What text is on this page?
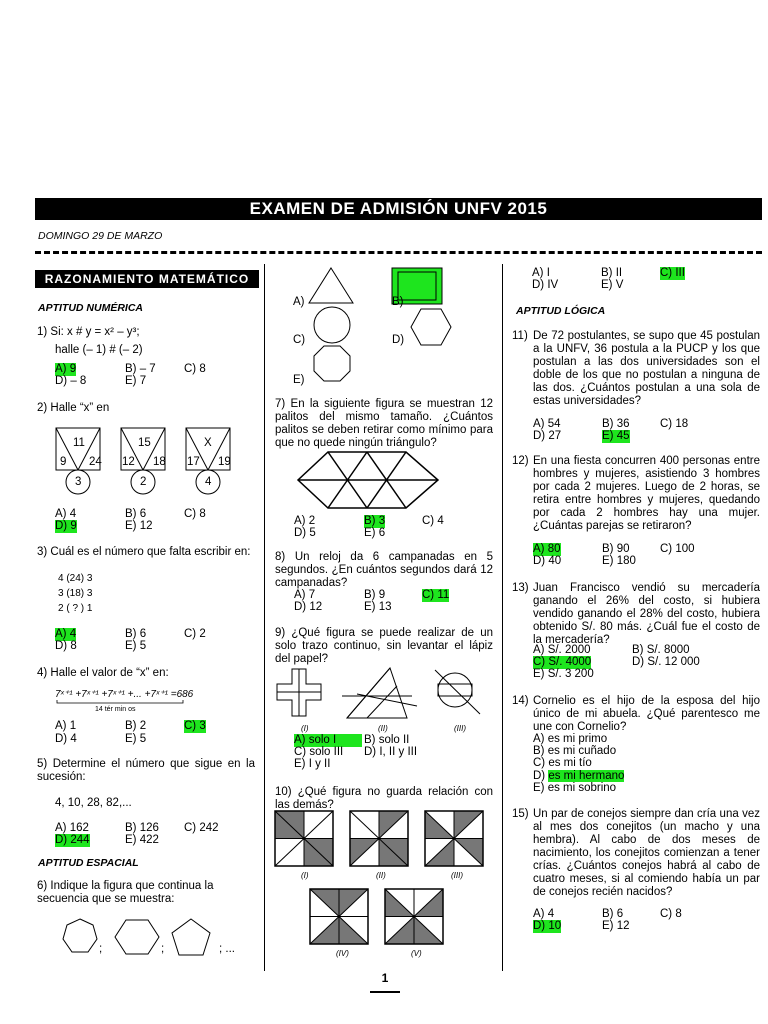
EXAMEN DE ADMISIÓN UNFV 2015
DOMINGO 29 DE MARZO
RAZONAMIENTO MATEMÁTICO
APTITUD NUMÉRICA
1) Si: x # y = x² – y³;
halle (– 1) # (– 2)
A) 9	B) – 7 C) 8
D) – 8	E) 7
2) Halle “x” en
11
9 24
3
15
12 18
2
X
17 19
4
A) 4	B) 6	C) 8
D) 9	E) 12
3) Cuál es el número que falta escribir en:
4 (24) 3
3 (18) 3
2 ( ? ) 1
A) 4	B) 6	C) 2
D) 8	E) 5
4) Halle el valor de “x” en:
7ˣ⁺¹ +7ˣ⁺¹ +7ˣ⁺¹ +... +7ˣ⁺¹ =686
14 tér min os
A) 1	B) 2	C) 3
D) 4	E) 5
5) Determine el número que sigue en la sucesión:
4, 10, 28, 82,...
A) 162	B) 126 C) 242
D) 244	E) 422
APTITUD ESPACIAL
6) Indique la figura que continua la secuencia que se muestra:
;	;	; ...
A)	B)
C)	D)
E)
7) En la siguiente figura se muestran 12 palitos del mismo tamaño. ¿Cuántos palitos se deben retirar como mínimo para que no quede ningún triángulo?
A) 2	B) 3	C) 4
D) 5	E) 6
8) Un reloj da 6 campanadas en 5 segundos. ¿En cuántos segundos dará 12 campanadas?
A) 7	B) 9	C) 11
D) 12	E) 13
9) ¿Qué figura se puede realizar de un solo trazo continuo, sin levantar el lápiz del papel?
(I)	(II)	(III)
A) solo I	B) solo II
C) solo III D) I, II y III
E) I y II
10) ¿Qué figura no guarda relación con las demás?
(I)	(II)	(III)
(IV)	(V)
A) I	B) II	C) III
D) IV	E) V
APTITUD LÓGICA
11) De 72 postulantes, se supo que 45 postulan a la UNFV, 36 postula a la PUCP y los que postulan a las dos universidades son el doble de los que no postulan a ninguna de las dos. ¿Cuántos postulan a una sola de estas universidades?
A) 54	B) 36	C) 18
D) 27	E) 45
12) En una fiesta concurren 400 personas entre hombres y mujeres, asistiendo 3 hombres por cada 2 mujeres. Luego de 2 horas, se retira entre hombres y mujeres, quedando por cada 2 hombres hay una mujer. ¿Cuántas parejas se retiraron?
A) 80	B) 90	C) 100
D) 40	E) 180
13) Juan Francisco vendió su mercadería ganando el 26% del costo, si hubiera vendido ganando el 28% del costo, hubiera obtenido S/. 80 más. ¿Cuál fue el costo de la mercadería?
A) S/. 2000	B) S/. 8000
C) S/. 4000	D) S/. 12 000
E) S/. 3 200
14) Cornelio es el hijo de la esposa del hijo único de mi abuela. ¿Qué parentesco me une con Cornelio?
A) es mi primo
B) es mi cuñado
C) es mi tío
D) es mi hermano
E) es mi sobrino
15) Un par de conejos siempre dan cría una vez al mes dos conejitos (un macho y una hembra). Al cabo de dos meses de nacimiento, los conejitos comienzan a tener crías. ¿Cuántos conejos habrá al cabo de cuatro meses, si al comiendo había un par de conejos recién nacidos?
A) 4	B) 6	C) 8
D) 10	E) 12
1
